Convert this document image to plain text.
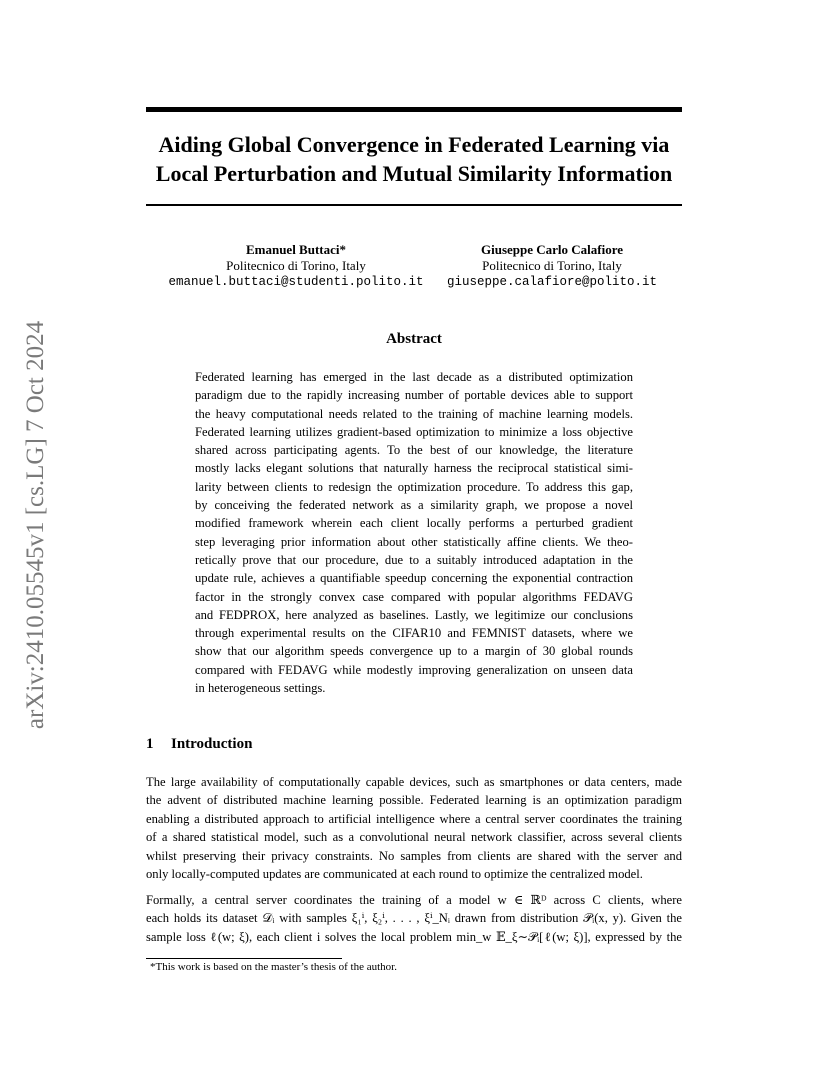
arXiv:2410.05545v1 [cs.LG] 7 Oct 2024
Aiding Global Convergence in Federated Learning via
Local Perturbation and Mutual Similarity Information
Emanuel Buttaci*
Politecnico di Torino, Italy
emanuel.buttaci@studenti.polito.it
Giuseppe Carlo Calafiore
Politecnico di Torino, Italy
giuseppe.calafiore@polito.it
Abstract
Federated learning has emerged in the last decade as a distributed optimization
paradigm due to the rapidly increasing number of portable devices able to support
the heavy computational needs related to the training of machine learning models.
Federated learning utilizes gradient-based optimization to minimize a loss objective
shared across participating agents. To the best of our knowledge, the literature
mostly lacks elegant solutions that naturally harness the reciprocal statistical simi-
larity between clients to redesign the optimization procedure. To address this gap,
by conceiving the federated network as a similarity graph, we propose a novel
modified framework wherein each client locally performs a perturbed gradient
step leveraging prior information about other statistically affine clients. We theo-
retically prove that our procedure, due to a suitably introduced adaptation in the
update rule, achieves a quantifiable speedup concerning the exponential contraction
factor in the strongly convex case compared with popular algorithms FEDAVG
and FEDPROX, here analyzed as baselines. Lastly, we legitimize our conclusions
through experimental results on the CIFAR10 and FEMNIST datasets, where we
show that our algorithm speeds convergence up to a margin of 30 global rounds
compared with FEDAVG while modestly improving generalization on unseen data
in heterogeneous settings.
1 Introduction
The large availability of computationally capable devices, such as smartphones or data centers, made
the advent of distributed machine learning possible. Federated learning is an optimization paradigm
enabling a distributed approach to artificial intelligence where a central server coordinates the training
of a shared statistical model, such as a convolutional neural network classifier, across several clients
whilst preserving their privacy constraints. No samples from clients are shared with the server and
only locally-computed updates are communicated at each round to optimize the centralized model.
Formally, a central server coordinates the training of a model w ∈ ℝᴰ across C clients, where
each holds its dataset 𝒟ᵢ with samples ξ₁ⁱ, ξ₂ⁱ, . . . , ξⁱ_Nᵢ drawn from distribution 𝒫ᵢ(x, y). Given the
sample loss ℓ(w; ξ), each client i solves the local problem min_w 𝔼_ξ∼𝒫ᵢ[ℓ(w; ξ)], expressed by the
*This work is based on the master’s thesis of the author.
